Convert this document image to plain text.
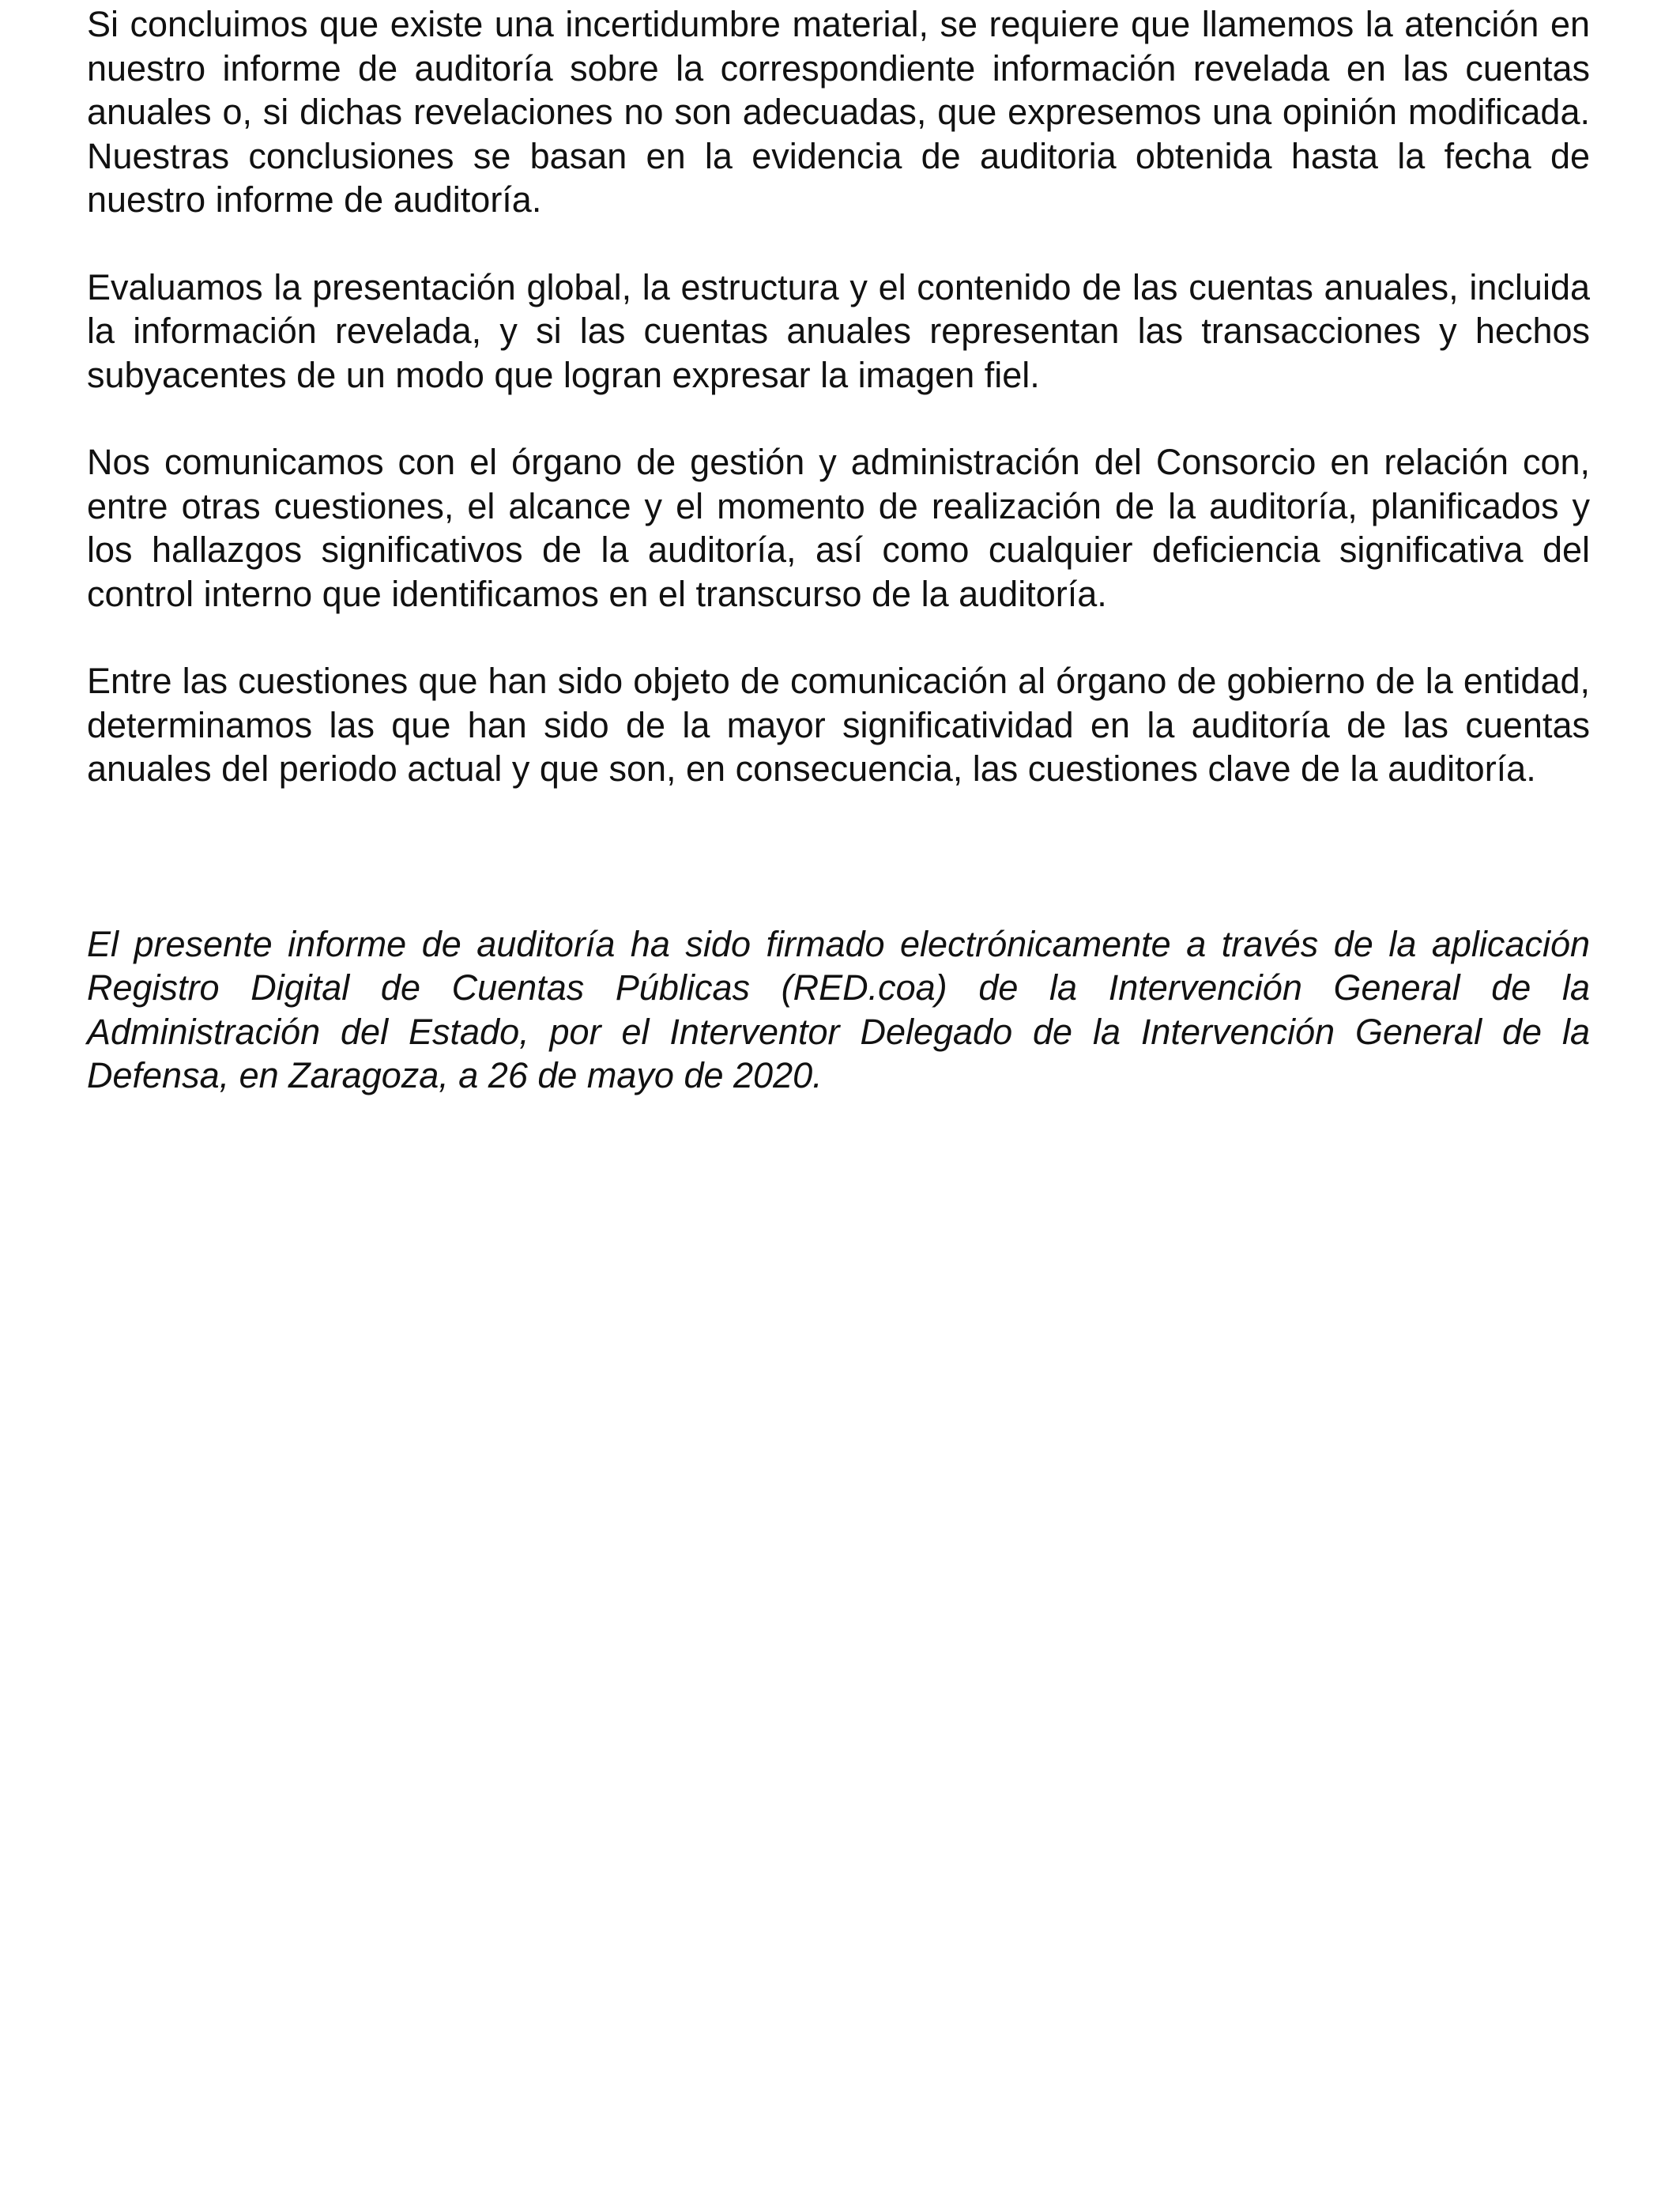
Si concluimos que existe una incertidumbre material, se requiere que llamemos la atención en nuestro informe de auditoría sobre la correspondiente información revelada en las cuentas anuales o, si dichas revelaciones no son adecuadas, que expresemos una opinión modificada. Nuestras conclusiones se basan en la evidencia de auditoria obtenida hasta la fecha de nuestro informe de auditoría.

Evaluamos la presentación global, la estructura y el contenido de las cuentas anuales, incluida la información revelada, y si las cuentas anuales representan las transacciones y hechos subyacentes de un modo que logran expresar la imagen fiel.

Nos comunicamos con el órgano de gestión y administración del Consorcio en relación con, entre otras cuestiones, el alcance y el momento de realización de la auditoría, planificados y los hallazgos significativos de la auditoría, así como cualquier deficiencia significativa del control interno que identificamos en el transcurso de la auditoría.

Entre las cuestiones que han sido objeto de comunicación al órgano de gobierno de la entidad, determinamos las que han sido de la mayor significatividad en la auditoría de las cuentas anuales del periodo actual y que son, en consecuencia, las cuestiones clave de la auditoría.

El presente informe de auditoría ha sido firmado electrónicamente a través de la aplicación Registro Digital de Cuentas Públicas (RED.coa) de la Intervención General de la Administración del Estado, por el Interventor Delegado de la Intervención General de la Defensa, en Zaragoza, a 26 de mayo de 2020.
